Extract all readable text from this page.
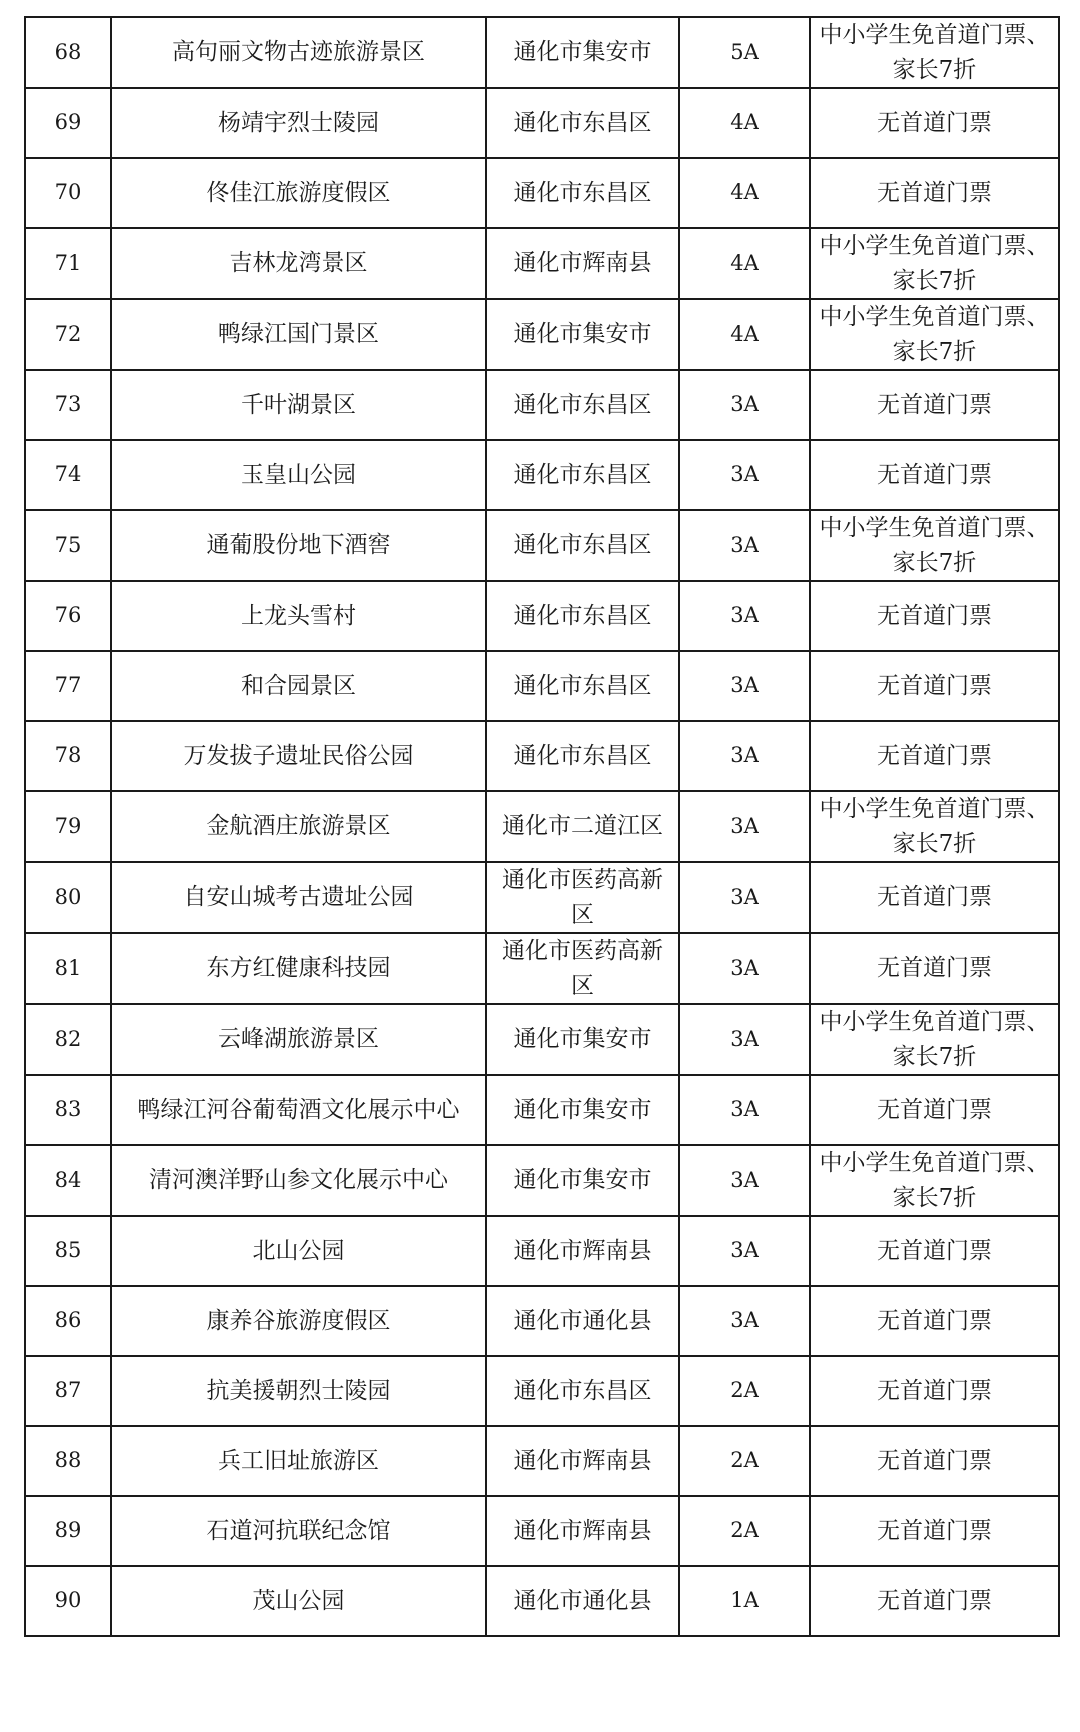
68	高句丽文物古迹旅游景区	通化市集安市	5A	中小学生免首道门票、家长7折
69	杨靖宇烈士陵园	通化市东昌区	4A	无首道门票
70	佟佳江旅游度假区	通化市东昌区	4A	无首道门票
71	吉林龙湾景区	通化市辉南县	4A	中小学生免首道门票、家长7折
72	鸭绿江国门景区	通化市集安市	4A	中小学生免首道门票、家长7折
73	千叶湖景区	通化市东昌区	3A	无首道门票
74	玉皇山公园	通化市东昌区	3A	无首道门票
75	通葡股份地下酒窖	通化市东昌区	3A	中小学生免首道门票、家长7折
76	上龙头雪村	通化市东昌区	3A	无首道门票
77	和合园景区	通化市东昌区	3A	无首道门票
78	万发拔子遗址民俗公园	通化市东昌区	3A	无首道门票
79	金航酒庄旅游景区	通化市二道江区	3A	中小学生免首道门票、家长7折
80	自安山城考古遗址公园	通化市医药高新区	3A	无首道门票
81	东方红健康科技园	通化市医药高新区	3A	无首道门票
82	云峰湖旅游景区	通化市集安市	3A	中小学生免首道门票、家长7折
83	鸭绿江河谷葡萄酒文化展示中心	通化市集安市	3A	无首道门票
84	清河澳洋野山参文化展示中心	通化市集安市	3A	中小学生免首道门票、家长7折
85	北山公园	通化市辉南县	3A	无首道门票
86	康养谷旅游度假区	通化市通化县	3A	无首道门票
87	抗美援朝烈士陵园	通化市东昌区	2A	无首道门票
88	兵工旧址旅游区	通化市辉南县	2A	无首道门票
89	石道河抗联纪念馆	通化市辉南县	2A	无首道门票
90	茂山公园	通化市通化县	1A	无首道门票
